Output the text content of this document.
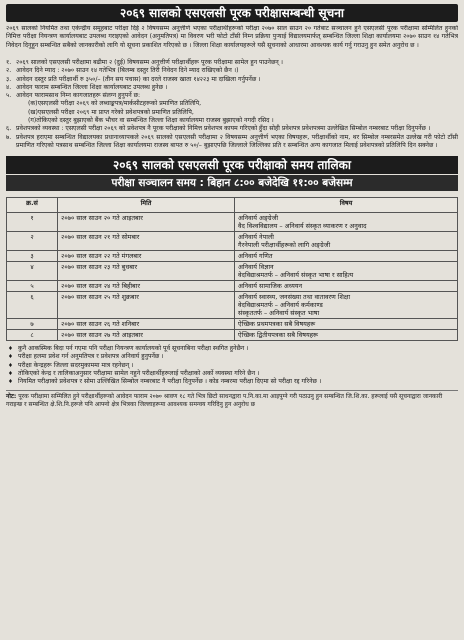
२०६९ सालको एसएलसी पूरक परीक्षासम्बन्धी सूचना
२०६९ सालको नियमित तथा एकेन्द्रीय समूहबाट परीक्षा दिई २ विषयसम्म अनुत्तीर्ण भएका परीक्षार्थीहरूको परीक्षा २०७० साल साउन २० गतेबाट सञ्चालन हुने एसएलसी पूरक परीक्षामा सम्मिलित हुनको निमित्त परीक्षा नियन्त्रण कार्यालयबाट उपलब्ध गराइएको आवेदन (अनुमतिपत्र) मा विवरण भरी फोटो टाँसी निम्न प्रक्रिया पुऱ्याई विद्यालयमार्फत् सम्बन्धित जिल्ला शिक्षा कार्यालयमा २०७० साउन १४ गतेभित्र निवेदन दिनुहुन सम्बन्धित सबैको जानकारीको लागि यो सूचना प्रकाशित गरिएको छ । जिल्ला शिक्षा कार्यालयहरूले यसै सूचनाको आधारमा आवश्यक कार्य गर्नु गराउनु हुन समेत अनुरोध छ ।
१. २०६९ सालको एसएलसी परीक्षामा बढीमा २ (दुई) विषयसम्म अनुत्तीर्ण परीक्षार्थीहरू पूरक परीक्षामा सामेल हुन पाउनेछन् ।
२. आवेदन दिने म्याद : २०७० साउन १४ गतेभित्र (बिलम्ब दस्तुर तिरी निवेदन दिने म्याद राखिएको छैन ।)
३. आवेदन दस्तुर प्रति परीक्षार्थी रु ३५०/– (तीन सय पचास) का दरले राजस्व खाता १४२२३ मा दाखिला गर्नुपर्नेछ ।
४. आवेदन फाराम सम्बन्धित जिल्ला शिक्षा कार्यालयबाट उपलब्ध हुनेछ ।
५. आवेदन फारामसाथ निम्न कागजातहरू संलग्न हुनुपर्ने छ:
(क)एसएलसी परीक्षा २०६९ को लब्धाङ्कपत्र/मार्कसीटहरूको प्रमाणित प्रतिलिपि,
(ख)एसएलसी परीक्षा २०६९ मा प्राप्त गरेको प्रवेशपत्रको प्रमाणित प्रतिलिपि,
(ग)तोकिएको दस्तुर बुझाएको बैंक भौचर वा सम्बन्धित जिल्ला शिक्षा कार्यालयमा राजस्व बुझाएको नगदी रसिद ।
६. प्रवेशपत्रको व्यवस्था : एसएलसी परीक्षा २०६९ को प्रवेशपत्र नै पूरक परीक्षाको निमित्त प्रवेशपत्र कायम गरिएको हुँदा सोही प्रवेशपत्र प्रवेशपत्रमा उल्लेखित सिम्बोल नम्बरबाट परीक्षा दिनुपर्नेछ ।
७. प्रवेशपत्र हराएमा सम्बन्धित विद्यालयका प्रधानाध्यापकले २०६९ सालको एसएलसी परीक्षामा २ विषयसम्म अनुत्तीर्ण भएका विषयहरू, परीक्षार्थीको नाम, थर सिम्बोल नम्बरसमेत उल्लेख गरी फोटो टाँसी प्रमाणित गरिएको पत्रसाथ सम्बन्धित जिल्ला शिक्षा कार्यालयमा राजस्व बापत रु ५०/– बुझाएपछि जिल्लाले जिल्लिका प्रति र सम्बन्धित अन्य कागजात मिलाई प्रवेशपत्रको प्रतिलिपि दिन सक्नेछ ।
२०६९ सालको एसएलसी पूरक परीक्षाको समय तालिका
परीक्षा सञ्चालन समय : बिहान ८:०० बजेदेखि ११:०० बजेसम्म
क्र.सं	मिति	विषय
१	२०७० साल साउन २० गते आइतबार	अनिवार्य अङ्ग्रेजी
वैद विश्वविद्यालय – अनिवार्य संस्कृत व्याकरण र अनुवाद
२	२०७० साल साउन २१ गते सोमबार	अनिवार्य नेपाली
गैरनेपाली परीक्षार्थीहरूको लागि अङ्ग्रेजी
३	२०७० साल साउन २२ गते मंगलबार	अनिवार्य गणित
४	२०७० साल साउन २३ गते बुधबार	अनिवार्य विज्ञान
वेदविद्याश्रमतर्फ – अनिवार्य संस्कृत भाषा र साहित्य
५	२०७० साल साउन २४ गते बिहीबार	अनिवार्य सामाजिक अध्ययन
६	२०७० साल साउन २५ गते शुक्रबार	अनिवार्य स्वास्थ्य, जनसंख्या तथा वातावरण शिक्षा
वेदविद्याश्रमतर्फ – अनिवार्य कर्मकाण्ड
संस्कृततर्फ – अनिवार्य संस्कृत भाषा
७	२०७० साल साउन २६ गते शनिबार	ऐच्छिक प्रथमपत्रका सबै विषयहरू
८	२०७० साल साउन २७ गते आइतबार	ऐच्छिक द्वितीयपत्रका सबै विषयहरू
♦ कुनै आकस्मिक बिदा पर्न गएमा पनि परीक्षा नियन्त्रण कार्यालयको पूर्व सूचनाबिना परीक्षा स्थगित हुनेछैन ।
♦ परीक्षा हलमा प्रवेश गर्न अनुमतिपत्र र प्रवेशपत्र अनिवार्य हुनुपर्नेछ ।
♦ परीक्षा केन्द्रहरू जिल्ला सदरमुकाममा मात्र रहनेछन् ।
♦ तोकिएको केन्द्र र तालिकाअनुसार परीक्षामा सामेल नहुने परीक्षार्थीहरूलाई परीक्षाको अर्को व्यवस्था गरिने छैन ।
♦ नियमित परीक्षाको प्रवेशपत्र र सोमा उल्लिखित सिम्बोल नम्बरबाट नै परीक्षा दिनुपर्नेछ । कोड नम्बरमा परीक्षा दिएमा सो परीक्षा रद्द गरिनेछ ।
नोट: पूरक परीक्षामा सम्मिलित हुने परीक्षार्थीहरूको आवेदन फाराम २०७० श्रावण १८ गते भित्र छिटो साधनद्वारा प.नि.का.मा आइपुग्ने गरी पठाउनु हुन सम्बन्धित जि.शि.का. हरूलाई यसै सूचनाद्वारा जानकारी गराइन्छ र सम्बन्धित क्षे.शि.नि.हरूले पनि आफ्नो क्षेत्र भित्रका जिल्लाहरूमा आवश्यक समन्वय गरिदिनु हुन अनुरोध छ
